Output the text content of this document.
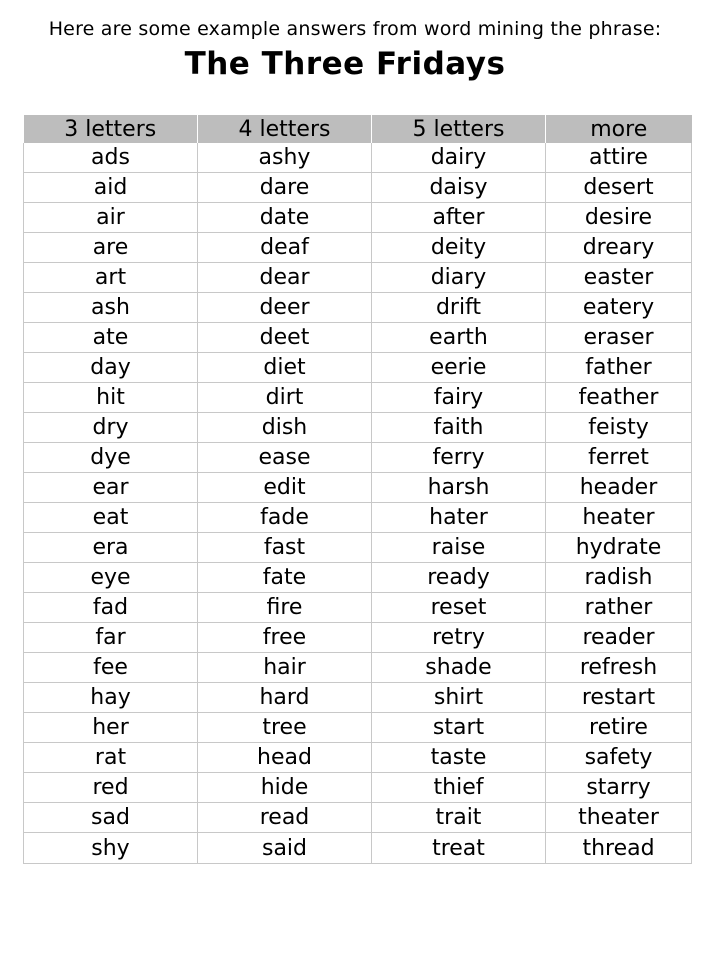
Here are some example answers from word mining the phrase:
The Three Fridays
3 letters	4 letters	5 letters	more
ads	ashy	dairy	attire
aid	dare	daisy	desert
air	date	after	desire
are	deaf	deity	dreary
art	dear	diary	easter
ash	deer	drift	eatery
ate	deet	earth	eraser
day	diet	eerie	father
hit	dirt	fairy	feather
dry	dish	faith	feisty
dye	ease	ferry	ferret
ear	edit	harsh	header
eat	fade	hater	heater
era	fast	raise	hydrate
eye	fate	ready	radish
fad	fire	reset	rather
far	free	retry	reader
fee	hair	shade	refresh
hay	hard	shirt	restart
her	tree	start	retire
rat	head	taste	safety
red	hide	thief	starry
sad	read	trait	theater
shy	said	treat	thread
